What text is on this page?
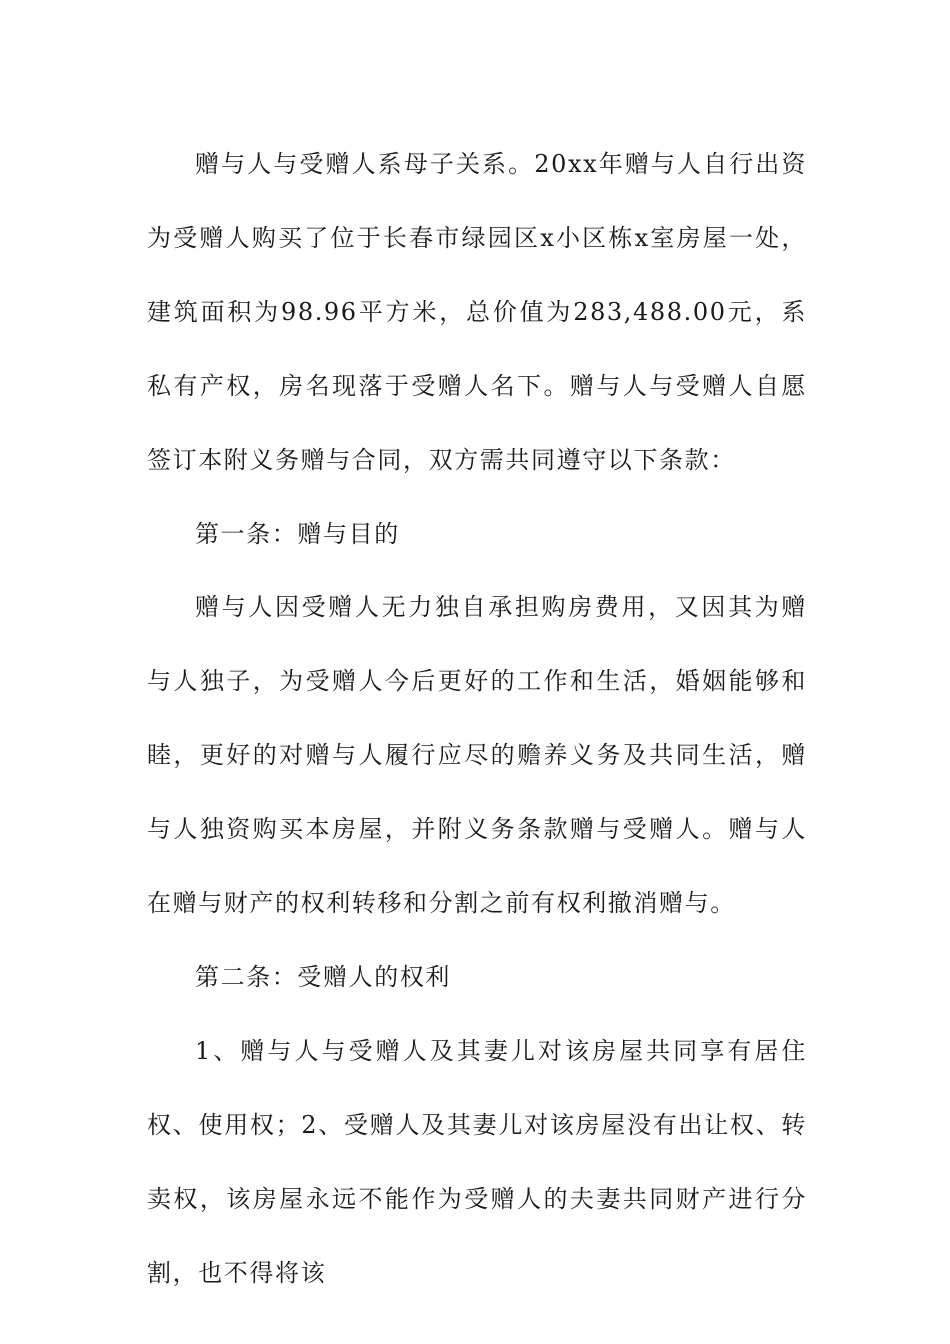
赠与人与受赠人系母子关系。20xx年赠与人自行出资为受赠人购买了位于长春市绿园区x小区栋x室房屋一处，建筑面积为98.96平方米，总价值为283,488.00元，系私有产权，房名现落于受赠人名下。赠与人与受赠人自愿签订本附义务赠与合同，双方需共同遵守以下条款：

第一条：赠与目的

赠与人因受赠人无力独自承担购房费用，又因其为赠与人独子，为受赠人今后更好的工作和生活，婚姻能够和睦，更好的对赠与人履行应尽的赡养义务及共同生活，赠与人独资购买本房屋，并附义务条款赠与受赠人。赠与人在赠与财产的权利转移和分割之前有权利撤消赠与。

第二条：受赠人的权利

1、赠与人与受赠人及其妻儿对该房屋共同享有居住权、使用权；2、受赠人及其妻儿对该房屋没有出让权、转卖权，该房屋永远不能作为受赠人的夫妻共同财产进行分割，也不得将该
